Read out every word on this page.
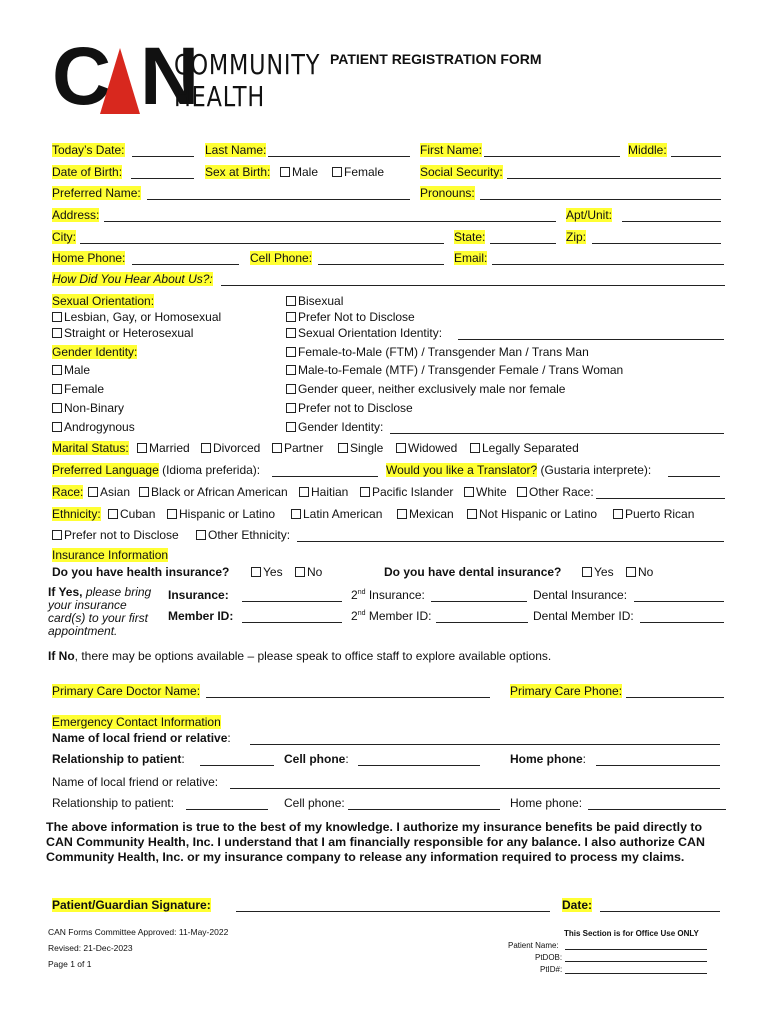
C N
COMMUNITY
HEALTH
PATIENT REGISTRATION FORM
Today’s Date:	Last Name:	First Name:	Middle:
Date of Birth:	Sex at Birth:	Male	Female	Social Security:
Preferred Name:	Pronouns:
Address:	Apt/Unit:
City:	State:	Zip:
Home Phone:	Cell Phone:	Email:
How Did You Hear About Us?:
Sexual Orientation:
Lesbian, Gay, or Homosexual
Straight or Heterosexual
Bisexual
Prefer Not to Disclose
Sexual Orientation Identity:
Gender Identity:
Male
Female
Non-Binary
Androgynous
Female-to-Male (FTM) / Transgender Man / Trans Man
Male-to-Female (MTF) / Transgender Female / Trans Woman
Gender queer, neither exclusively male nor female
Prefer not to Disclose
Gender Identity:
Marital Status:	Married	Divorced	Partner	Single	Widowed	Legally Separated
Preferred Language (Idioma preferida):	Would you like a Translator? (Gustaria interprete):
Race:	Asian	Black or African American	Haitian	Pacific Islander	White	Other Race:
Ethnicity:	Cuban	Hispanic or Latino	Latin American	Mexican	Not Hispanic or Latino	Puerto Rican
Prefer not to Disclose	Other Ethnicity:
Insurance Information
Do you have health insurance?	Yes	No	Do you have dental insurance?	Yes	No
If Yes, please bring your insurance card(s) to your first appointment.
Insurance:	2nd Insurance:	Dental Insurance:
Member ID:	2nd Member ID:	Dental Member ID:
If No, there may be options available – please speak to office staff to explore available options.
Primary Care Doctor Name:	Primary Care Phone:
Emergency Contact Information
Name of local friend or relative:
Relationship to patient:	Cell phone:	Home phone:
Name of local friend or relative:
Relationship to patient:	Cell phone:	Home phone:
The above information is true to the best of my knowledge. I authorize my insurance benefits be paid directly to CAN Community Health, Inc. I understand that I am financially responsible for any balance. I also authorize CAN Community Health, Inc. or my insurance company to release any information required to process my claims.
Patient/Guardian Signature:	Date:
CAN Forms Committee Approved: 11-May-2022
Revised: 21-Dec-2023
Page 1 of 1
This Section is for Office Use ONLY
Patient Name:
PtDOB:
PtID#:
